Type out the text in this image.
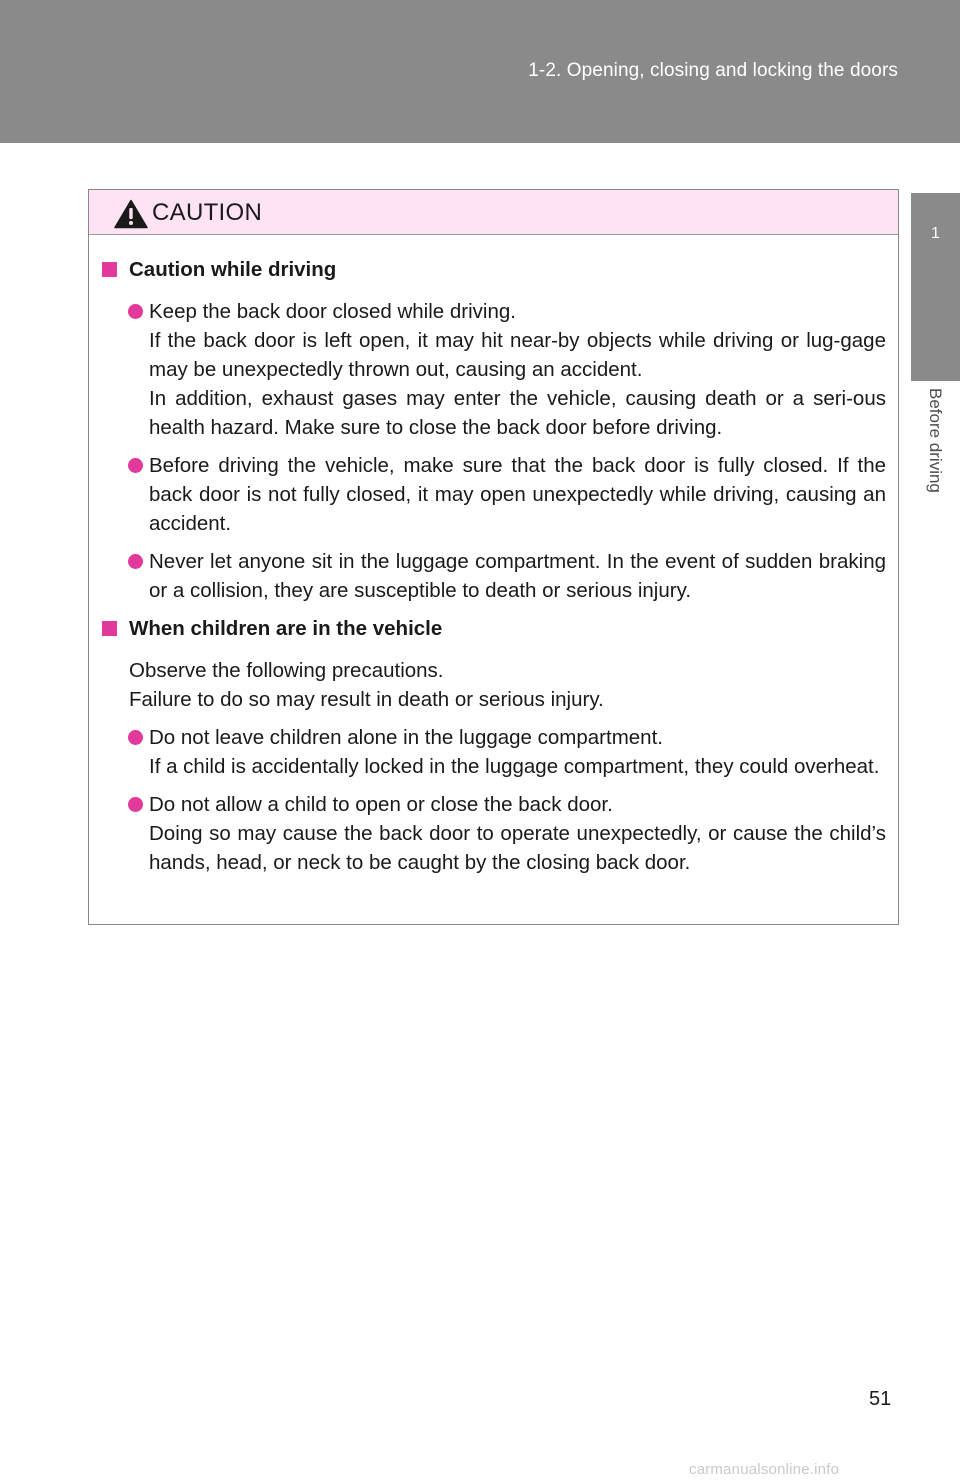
1-2. Opening, closing and locking the doors
1
Before driving
CAUTION
Caution while driving
Keep the back door closed while driving.
If the back door is left open, it may hit near-by objects while driving or lug-gage may be unexpectedly thrown out, causing an accident.
In addition, exhaust gases may enter the vehicle, causing death or a seri-ous health hazard. Make sure to close the back door before driving.
Before driving the vehicle, make sure that the back door is fully closed. If the back door is not fully closed, it may open unexpectedly while driving, causing an accident.
Never let anyone sit in the luggage compartment. In the event of sudden braking or a collision, they are susceptible to death or serious injury.
When children are in the vehicle
Observe the following precautions.
Failure to do so may result in death or serious injury.
Do not leave children alone in the luggage compartment.
If a child is accidentally locked in the luggage compartment, they could overheat.
Do not allow a child to open or close the back door.
Doing so may cause the back door to operate unexpectedly, or cause the child’s hands, head, or neck to be caught by the closing back door.
51
carmanualsonline.info
